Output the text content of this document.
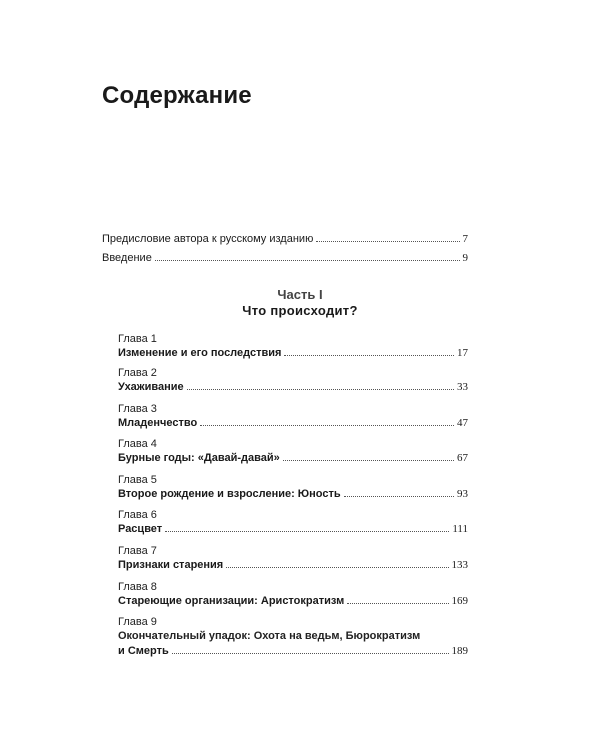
Содержание
Предисловие автора к русскому изданию	7
Введение	9
Часть I
Что происходит?
Глава 1
Изменение и его последствия	17
Глава 2
Ухаживание	33
Глава 3
Младенчество	47
Глава 4
Бурные годы: «Давай-давай»	67
Глава 5
Второе рождение и взросление: Юность	93
Глава 6
Расцвет	111
Глава 7
Признаки старения	133
Глава 8
Стареющие организации: Аристократизм	169
Глава 9
Окончательный упадок: Охота на ведьм, Бюрократизм
и Смерть	189
